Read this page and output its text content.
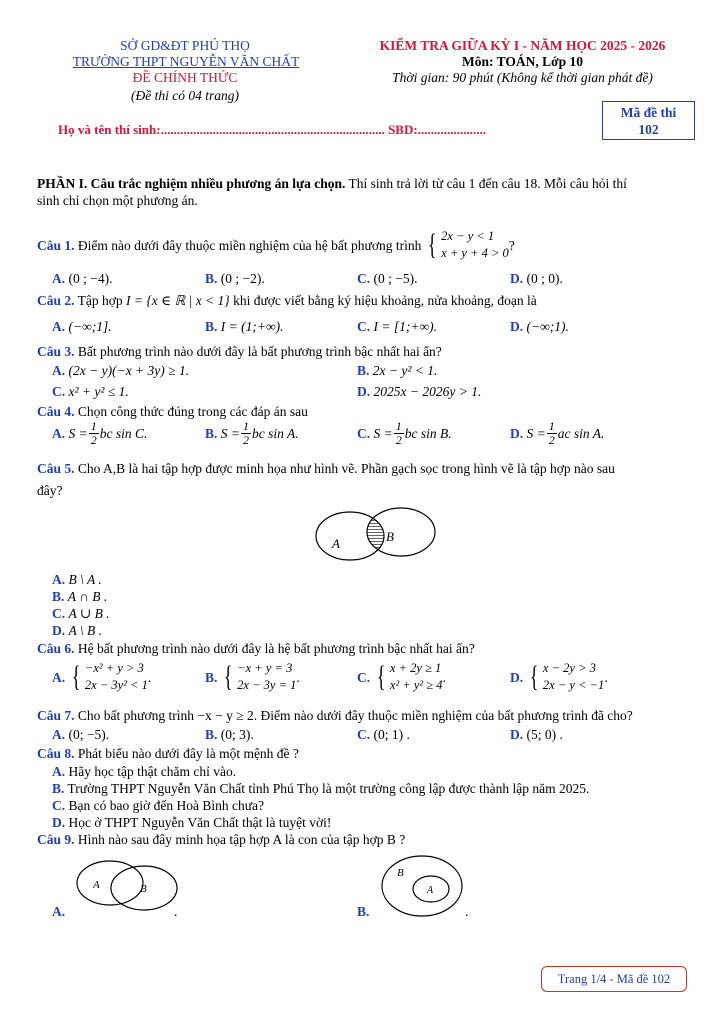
SỞ GD&ĐT PHÚ THỌ
TRƯỜNG THPT NGUYỄN VĂN CHẤT
ĐỀ CHÍNH THỨC
(Đề thi có 04 trang)
KIỂM TRA GIỮA KỲ I - NĂM HỌC 2025 - 2026
Môn: TOÁN, Lớp 10
Thời gian: 90 phút (Không kể thời gian phát đề)
Mã đề thi
102
Họ và tên thí sinh:..................................................................... SBD:.....................
PHẦN I. Câu trắc nghiệm nhiều phương án lựa chọn. Thí sinh trả lời từ câu 1 đến câu 18. Mỗi câu hỏi thí
sinh chỉ chọn một phương án.
Câu 1.
Điểm nào dưới đây thuộc miền nghiệm của hệ bất phương trình
{ 2x − y < 1
x + y + 4 > 0
?
A. (0 ; −4).	B. (0 ; −2).	C. (0 ; −5).	D. (0 ; 0).
Câu 2. Tập hợp I = {x ∈ ℝ | x < 1} khi được viết bằng ký hiệu khoảng, nửa khoảng, đoạn là
A. (−∞;1].	B. I = (1;+∞).	C. I = [1;+∞).	D. (−∞;1).
Câu 3. Bất phương trình nào dưới đây là bất phương trình bậc nhất hai ẩn?
A. (2x − y)(−x + 3y) ≥ 1.	B. 2x − y² < 1.
C. x² + y² ≤ 1.	D. 2025x − 2026y > 1.
Câu 4. Chọn công thức đúng trong các đáp án sau
A.
$S = \frac{1}{2}$ bc sin C.	B.
$S = \frac{1}{2}$ bc sin A.	C.
$S = \frac{1}{2}$ bc sin B.	D.
$S = \frac{1}{2}$ ac sin A.
Câu 5. Cho A,B là hai tập hợp được minh họa như hình vẽ. Phần gạch sọc trong hình vẽ là tập hợp nào sau
đây?
A	B
A. B \ A .
B. A ∩ B .
C. A ∪ B .
D. A \ B .
Câu 6. Hệ bất phương trình nào dưới đây là hệ bất phương trình bậc nhất hai ẩn?
A.
{ −x² + y > 3
2x − 3y² < 1
.	B.
{ −x + y = 3
2x − 3y = 1
.	C.
{ x + 2y ≥ 1
x² + y² ≥ 4
.	D.
{ x − 2y > 3
2x − y < −1
.
Câu 7. Cho bất phương trình −x − y ≥ 2. Điểm nào dưới đây thuộc miền nghiệm của bất phương trình đã cho?
A. (0; −5).	B. (0; 3).	C. (0; 1) .	D. (5; 0) .
Câu 8. Phát biểu nào dưới đây là một mệnh đề ?
A. Hãy học tập thật chăm chỉ vào.
B. Trường THPT Nguyễn Văn Chất tỉnh Phú Thọ là một trường công lập được thành lập năm 2025.
C. Bạn có bao giờ đến Hoà Bình chưa?
D. Học ở THPT Nguyễn Văn Chất thật là tuyệt vời!
Câu 9. Hình nào sau đây minh họa tập hợp A là con của tập hợp B ?
A.
A	B
.	B.
B
A
.
Trang 1/4 - Mã đề 102
